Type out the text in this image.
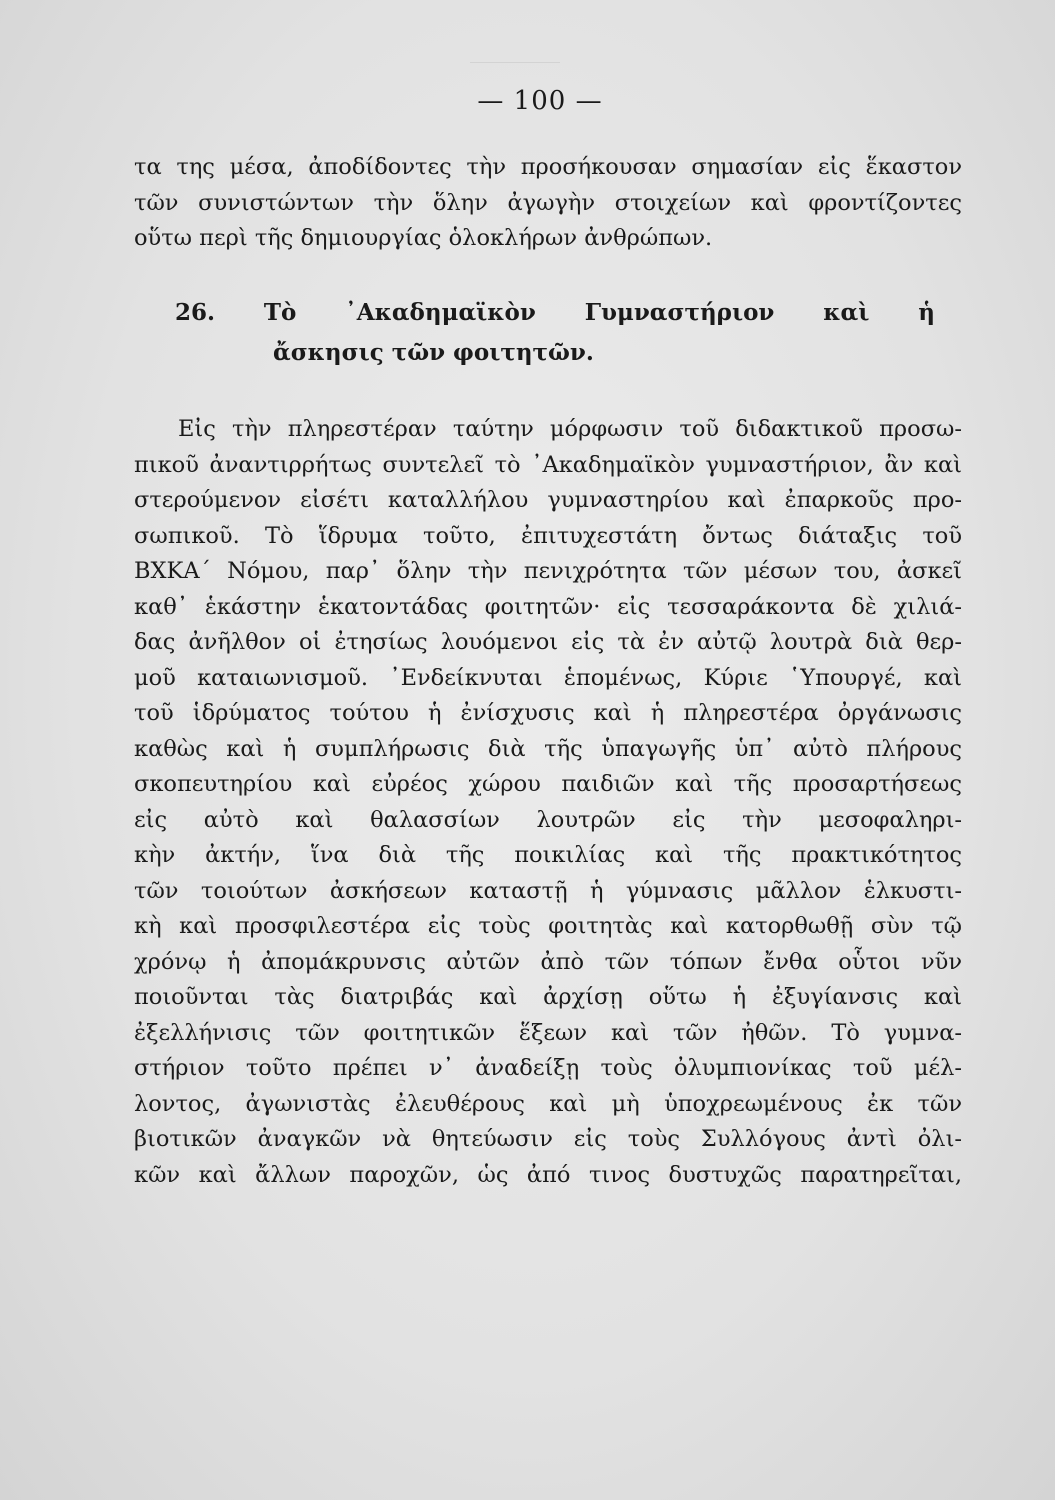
— 100 —
τα της μέσα, ἀποδίδοντες τὴν προσήκουσαν σημασίαν εἰς ἕκαστον
τῶν συνιστώντων τὴν ὅλην ἀγωγὴν στοιχείων καὶ φροντίζοντες
οὕτω περὶ τῆς δημιουργίας ὁλοκλήρων ἀνθρώπων.
26. Τὸ ᾿Ακαδημαϊκὸν Γυμναστήριον καὶ ἡ
ἄσκησις τῶν φοιτητῶν.
Εἰς τὴν πληρεστέραν ταύτην μόρφωσιν τοῦ διδακτικοῦ προσω-
πικοῦ ἀναντιρρήτως συντελεῖ τὸ ᾿Ακαδημαϊκὸν γυμναστήριον, ἂν καὶ
στερούμενον εἰσέτι καταλλήλου γυμναστηρίου καὶ ἐπαρκοῦς προ-
σωπικοῦ. Τὸ ἵδρυμα τοῦτο, ἐπιτυχεστάτη ὄντως διάταξις τοῦ
ΒΧΚΑ΄ Νόμου, παρ᾿ ὅλην τὴν πενιχρότητα τῶν μέσων του, ἀσκεῖ
καθ᾿ ἑκάστην ἑκατοντάδας φοιτητῶν· εἰς τεσσαράκοντα δὲ χιλιά-
δας ἀνῆλθον οἱ ἐτησίως λουόμενοι εἰς τὰ ἐν αὐτῷ λουτρὰ διὰ θερ-
μοῦ καταιωνισμοῦ. ᾿Ενδείκνυται ἑπομένως, Κύριε ῾Υπουργέ, καὶ
τοῦ ἱδρύματος τούτου ἡ ἐνίσχυσις καὶ ἡ πληρεστέρα ὀργάνωσις
καθὼς καὶ ἡ συμπλήρωσις διὰ τῆς ὑπαγωγῆς ὑπ᾿ αὐτὸ πλήρους
σκοπευτηρίου καὶ εὐρέος χώρου παιδιῶν καὶ τῆς προσαρτήσεως
εἰς αὐτὸ καὶ θαλασσίων λουτρῶν εἰς τὴν μεσοφαληρι-
κὴν ἀκτήν, ἵνα διὰ τῆς ποικιλίας καὶ τῆς πρακτικότητος
τῶν τοιούτων ἀσκήσεων καταστῇ ἡ γύμνασις μᾶλλον ἑλκυστι-
κὴ καὶ προσφιλεστέρα εἰς τοὺς φοιτητὰς καὶ κατορθωθῇ σὺν τῷ
χρόνῳ ἡ ἀπομάκρυνσις αὐτῶν ἀπὸ τῶν τόπων ἔνθα οὗτοι νῦν
ποιοῦνται τὰς διατριβάς καὶ ἀρχίσῃ οὕτω ἡ ἐξυγίανσις καὶ
ἐξελλήνισις τῶν φοιτητικῶν ἕξεων καὶ τῶν ἠθῶν. Τὸ γυμνα-
στήριον τοῦτο πρέπει ν᾿ ἀναδείξῃ τοὺς ὀλυμπιονίκας τοῦ μέλ-
λοντος, ἀγωνιστὰς ἐλευθέρους καὶ μὴ ὑποχρεωμένους ἐκ τῶν
βιοτικῶν ἀναγκῶν νὰ θητεύωσιν εἰς τοὺς Συλλόγους ἀντὶ ὀλι-
κῶν καὶ ἄλλων παροχῶν, ὡς ἀπό τινος δυστυχῶς παρατηρεῖται,
